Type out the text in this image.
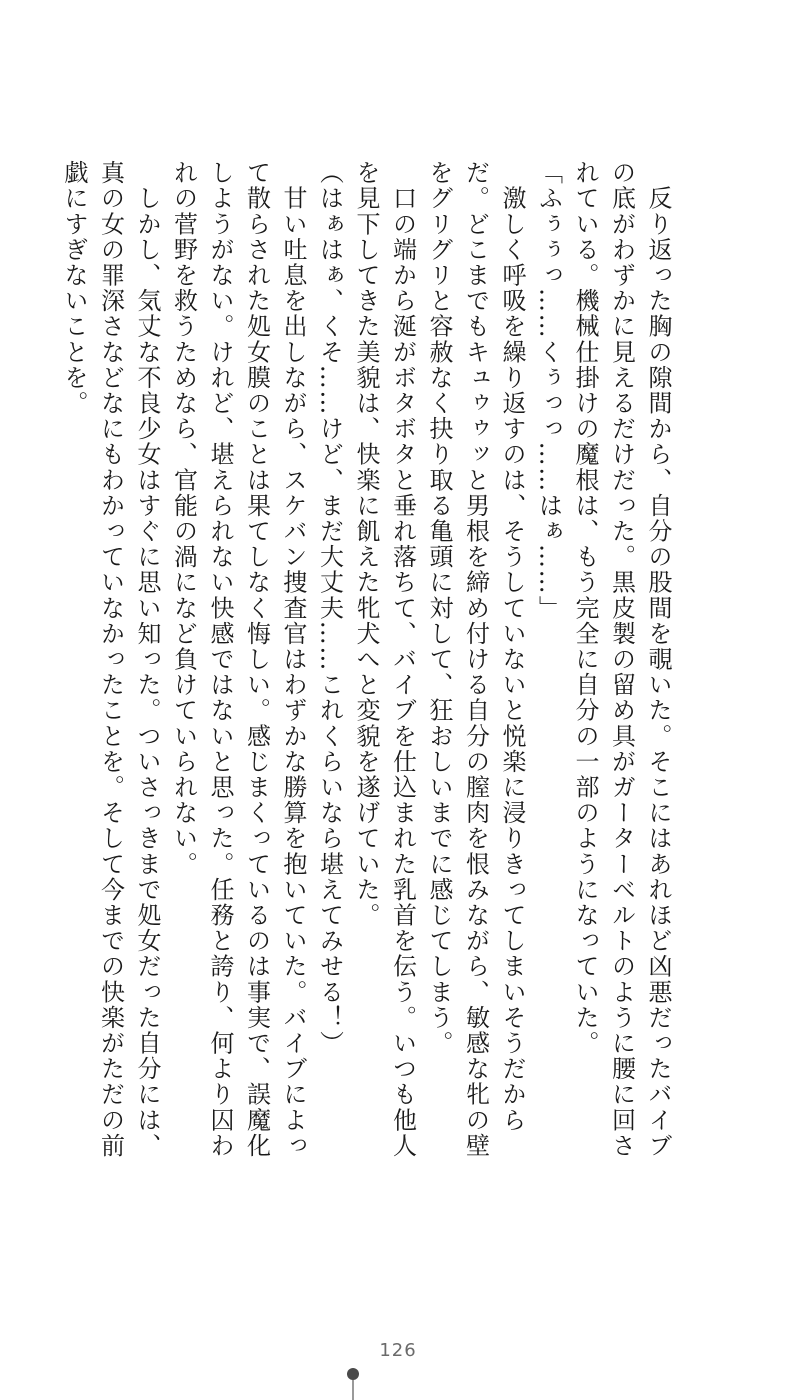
　反り返った胸の隙間から、自分の股間を覗いた。そこにはあれほど凶悪だったバイブの底がわずかに見えるだけだった。黒皮製の留め具がガーターベルトのように腰に回されている。機械仕掛けの魔根は、もう完全に自分の一部のようになっていた。

「ふぅぅっ……くぅっっ……はぁ……」

　激しく呼吸を繰り返すのは、そうしていないと悦楽に浸りきってしまいそうだからだ。どこまでもキュゥゥッと男根を締め付ける自分の膣肉を恨みながら、敏感な牝の壁をグリグリと容赦なく抉り取る亀頭に対して、狂おしいまでに感じてしまう。

　口の端から涎がボタボタと垂れ落ちて、バイブを仕込まれた乳首を伝う。いつも他人を見下してきた美貌は、快楽に飢えた牝犬へと変貌を遂げていた。

（はぁはぁ、くそ……けど、まだ大丈夫……これくらいなら堪えてみせる！）

　甘い吐息を出しながら、スケバン捜査官はわずかな勝算を抱いていた。バイブによって散らされた処女膜のことは果てしなく悔しい。感じまくっているのは事実で、誤魔化しようがない。けれど、堪えられない快感ではないと思った。任務と誇り、何より囚われの菅野を救うためなら、官能の渦になど負けていられない。

　しかし、気丈な不良少女はすぐに思い知った。ついさっきまで処女だった自分には、真の女の罪深さなどなにもわかっていなかったことを。そして今までの快楽がただの前戯にすぎないことを。

126
